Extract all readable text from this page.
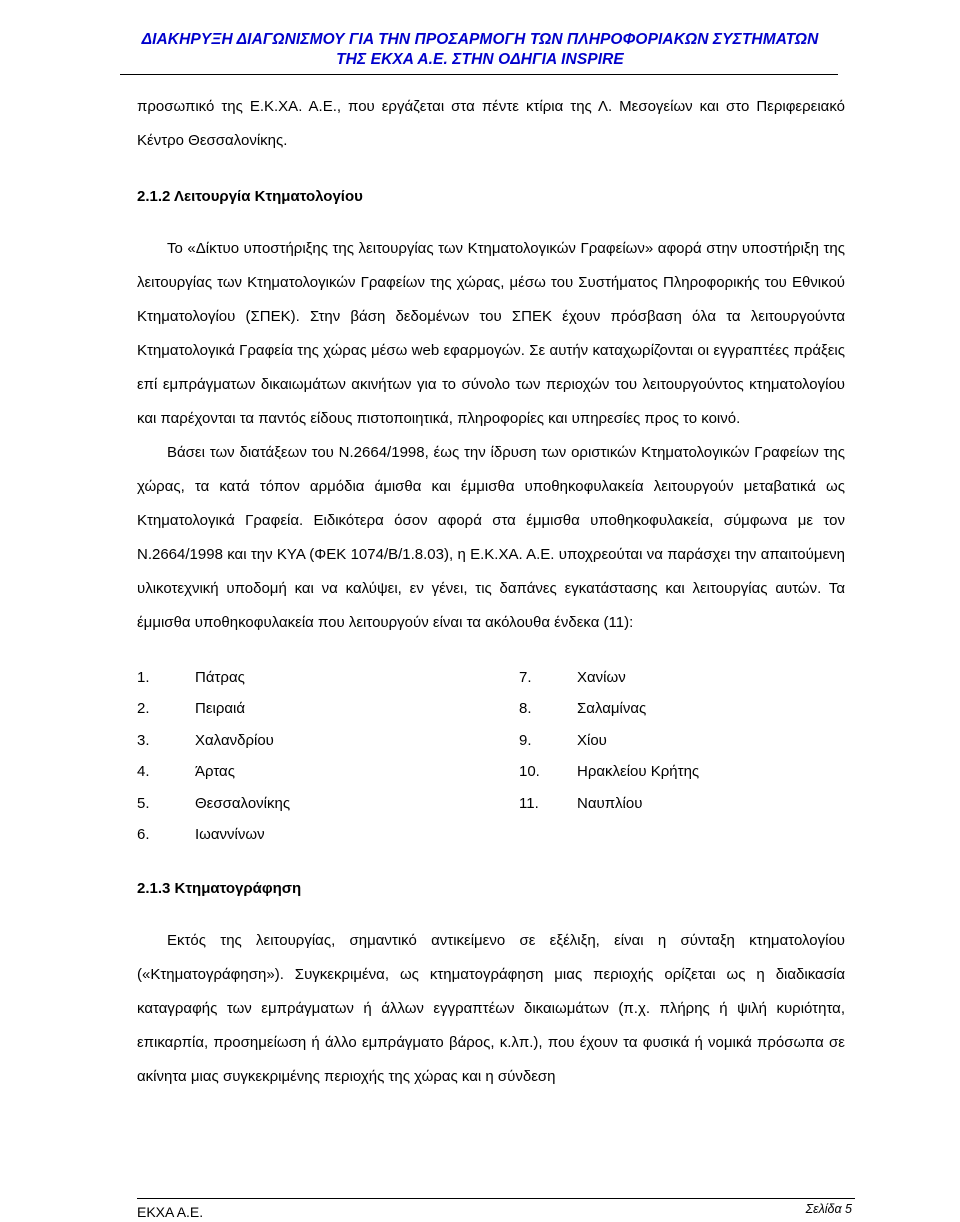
ΔΙΑΚΗΡΥΞΗ ΔΙΑΓΩΝΙΣΜΟΥ ΓΙΑ ΤΗΝ ΠΡΟΣΑΡΜΟΓΗ ΤΩΝ ΠΛΗΡΟΦΟΡΙΑΚΩΝ ΣΥΣΤΗΜΑΤΩΝ
ΤΗΣ ΕΚΧΑ Α.Ε. ΣΤΗΝ ΟΔΗΓΙΑ INSPIRE

προσωπικό της Ε.Κ.ΧΑ. Α.Ε., που εργάζεται στα πέντε κτίρια της Λ. Μεσογείων και στο Περιφερειακό Κέντρο Θεσσαλονίκης.

2.1.2 Λειτουργία Κτηματολογίου

Το «Δίκτυο υποστήριξης της λειτουργίας των Κτηματολογικών Γραφείων» αφορά στην υποστήριξη της λειτουργίας των Κτηματολογικών Γραφείων της χώρας, μέσω του Συστήματος Πληροφορικής του Εθνικού Κτηματολογίου (ΣΠΕΚ). Στην βάση δεδομένων του ΣΠΕΚ έχουν πρόσβαση όλα τα λειτουργούντα Κτηματολογικά Γραφεία της χώρας μέσω web εφαρμογών. Σε αυτήν καταχωρίζονται οι εγγραπτέες πράξεις επί εμπράγματων δικαιωμάτων ακινήτων για το σύνολο των περιοχών του λειτουργούντος κτηματολογίου και παρέχονται τα παντός είδους πιστοποιητικά, πληροφορίες και υπηρεσίες προς το κοινό.

Βάσει των διατάξεων του Ν.2664/1998, έως την ίδρυση των οριστικών Κτηματολογικών Γραφείων της χώρας, τα κατά τόπον αρμόδια άμισθα και έμμισθα υποθηκοφυλακεία λειτουργούν μεταβατικά ως Κτηματολογικά Γραφεία. Ειδικότερα όσον αφορά στα έμμισθα υποθηκοφυλακεία, σύμφωνα με τον Ν.2664/1998 και την ΚΥΑ (ΦΕΚ 1074/Β/1.8.03), η Ε.Κ.ΧΑ. Α.Ε. υποχρεούται να παράσχει την απαιτούμενη υλικοτεχνική υποδομή και να καλύψει, εν γένει, τις δαπάνες εγκατάστασης και λειτουργίας αυτών. Τα έμμισθα υποθηκοφυλακεία που λειτουργούν είναι τα ακόλουθα ένδεκα (11):

1.	Πάτρας	7.	Χανίων
2.	Πειραιά	8.	Σαλαμίνας
3.	Χαλανδρίου	9.	Χίου
4.	Άρτας	10.	Ηρακλείου Κρήτης
5.	Θεσσαλονίκης	11.	Ναυπλίου
6.	Ιωαννίνων
2.1.3 Κτηματογράφηση

Εκτός της λειτουργίας, σημαντικό αντικείμενο σε εξέλιξη, είναι η σύνταξη κτηματολογίου («Κτηματογράφηση»). Συγκεκριμένα, ως κτηματογράφηση μιας περιοχής ορίζεται ως η διαδικασία καταγραφής των εμπράγματων ή άλλων εγγραπτέων δικαιωμάτων (π.χ. πλήρης ή ψιλή κυριότητα, επικαρπία, προσημείωση ή άλλο εμπράγματο βάρος, κ.λπ.), που έχουν τα φυσικά ή νομικά πρόσωπα σε ακίνητα μιας συγκεκριμένης περιοχής της χώρας και η σύνδεση

ΕΚΧΑ Α.Ε.	Σελίδα 5
